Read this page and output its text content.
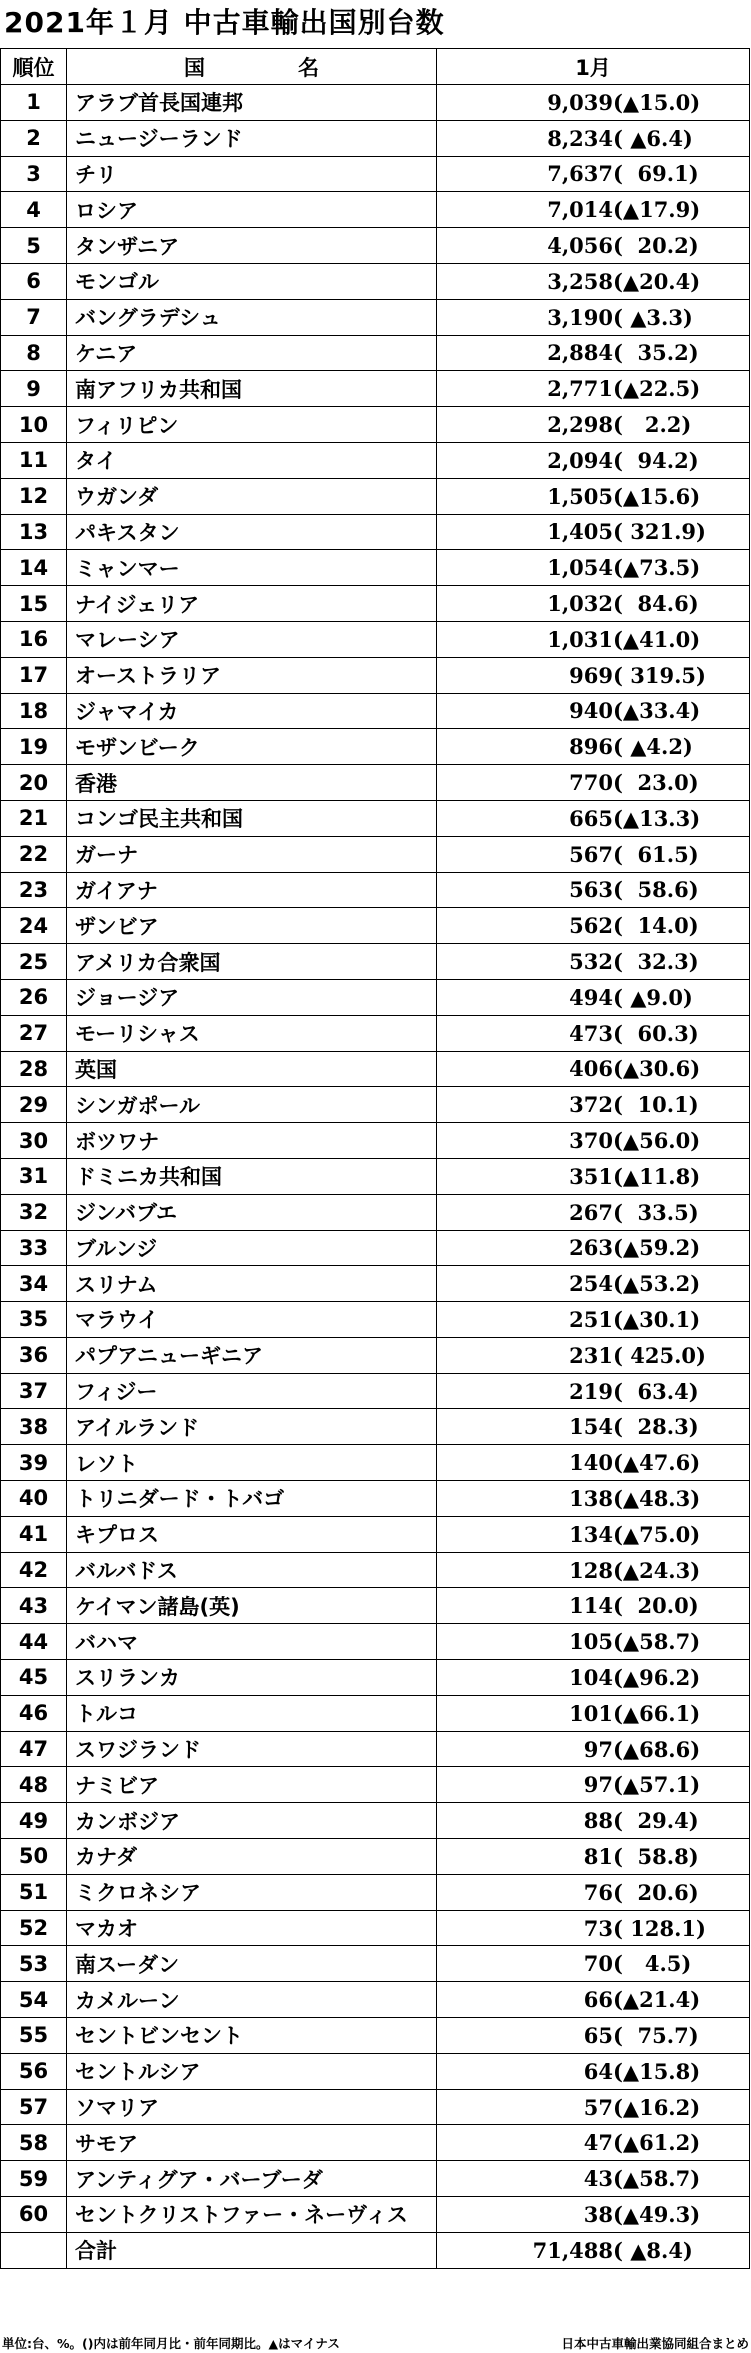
2021年１月 中古車輸出国別台数
順位	国　名	1月
1	アラブ首長国連邦	9,039(▲15.0)
2	ニュージーランド	8,234( ▲6.4)
3	チリ	7,637(  69.1)
4	ロシア	7,014(▲17.9)
5	タンザニア	4,056(  20.2)
6	モンゴル	3,258(▲20.4)
7	バングラデシュ	3,190( ▲3.3)
8	ケニア	2,884(  35.2)
9	南アフリカ共和国	2,771(▲22.5)
10	フィリピン	2,298(   2.2)
11	タイ	2,094(  94.2)
12	ウガンダ	1,505(▲15.6)
13	パキスタン	1,405( 321.9)
14	ミャンマー	1,054(▲73.5)
15	ナイジェリア	1,032(  84.6)
16	マレーシア	1,031(▲41.0)
17	オーストラリア	969( 319.5)
18	ジャマイカ	940(▲33.4)
19	モザンビーク	896( ▲4.2)
20	香港	770(  23.0)
21	コンゴ民主共和国	665(▲13.3)
22	ガーナ	567(  61.5)
23	ガイアナ	563(  58.6)
24	ザンビア	562(  14.0)
25	アメリカ合衆国	532(  32.3)
26	ジョージア	494( ▲9.0)
27	モーリシャス	473(  60.3)
28	英国	406(▲30.6)
29	シンガポール	372(  10.1)
30	ボツワナ	370(▲56.0)
31	ドミニカ共和国	351(▲11.8)
32	ジンバブエ	267(  33.5)
33	ブルンジ	263(▲59.2)
34	スリナム	254(▲53.2)
35	マラウイ	251(▲30.1)
36	パプアニューギニア	231( 425.0)
37	フィジー	219(  63.4)
38	アイルランド	154(  28.3)
39	レソト	140(▲47.6)
40	トリニダード・トバゴ	138(▲48.3)
41	キプロス	134(▲75.0)
42	バルバドス	128(▲24.3)
43	ケイマン諸島(英)	114(  20.0)
44	バハマ	105(▲58.7)
45	スリランカ	104(▲96.2)
46	トルコ	101(▲66.1)
47	スワジランド	97(▲68.6)
48	ナミビア	97(▲57.1)
49	カンボジア	88(  29.4)
50	カナダ	81(  58.8)
51	ミクロネシア	76(  20.6)
52	マカオ	73( 128.1)
53	南スーダン	70(   4.5)
54	カメルーン	66(▲21.4)
55	セントビンセント	65(  75.7)
56	セントルシア	64(▲15.8)
57	ソマリア	57(▲16.2)
58	サモア	47(▲61.2)
59	アンティグア・バーブーダ	43(▲58.7)
60	セントクリストファー・ネーヴィス	38(▲49.3)
	合計	71,488( ▲8.4)
単位:台、%。()内は前年同月比・前年同期比。▲はマイナス	日本中古車輸出業協同組合まとめ
